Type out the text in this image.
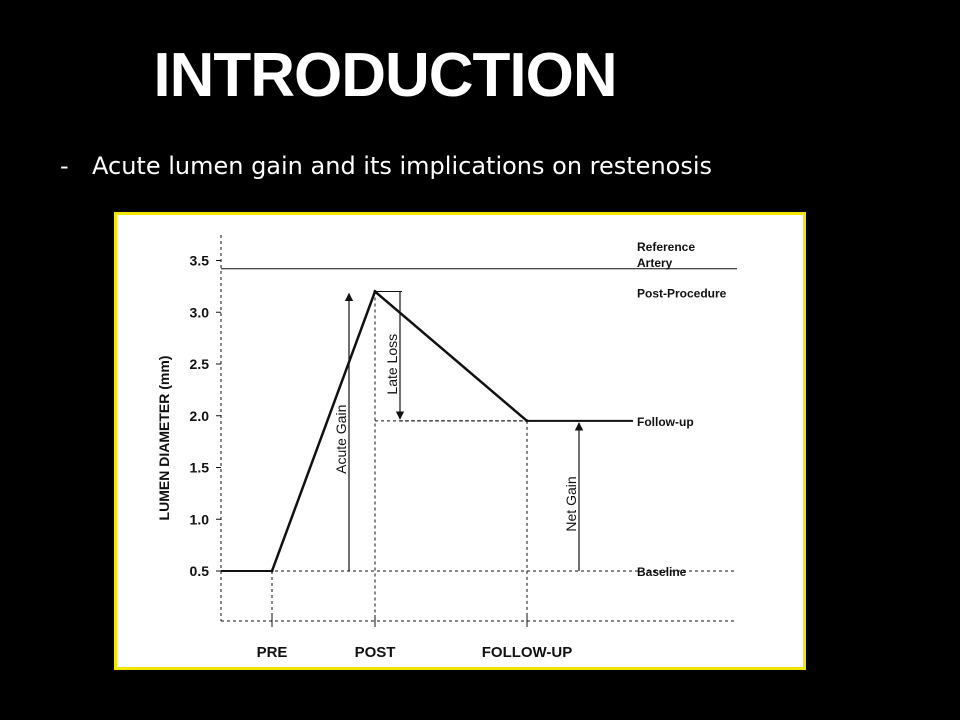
INTRODUCTION
- Acute lumen gain and its implications on restenosis
0.5
1.0
1.5
2.0
2.5
3.0
3.5
LUMEN DIAMETER (mm)
PRE	POST	FOLLOW-UP
Reference Artery
Post-Procedure
Follow-up
Baseline
Acute Gain
Late Loss
Net Gain
